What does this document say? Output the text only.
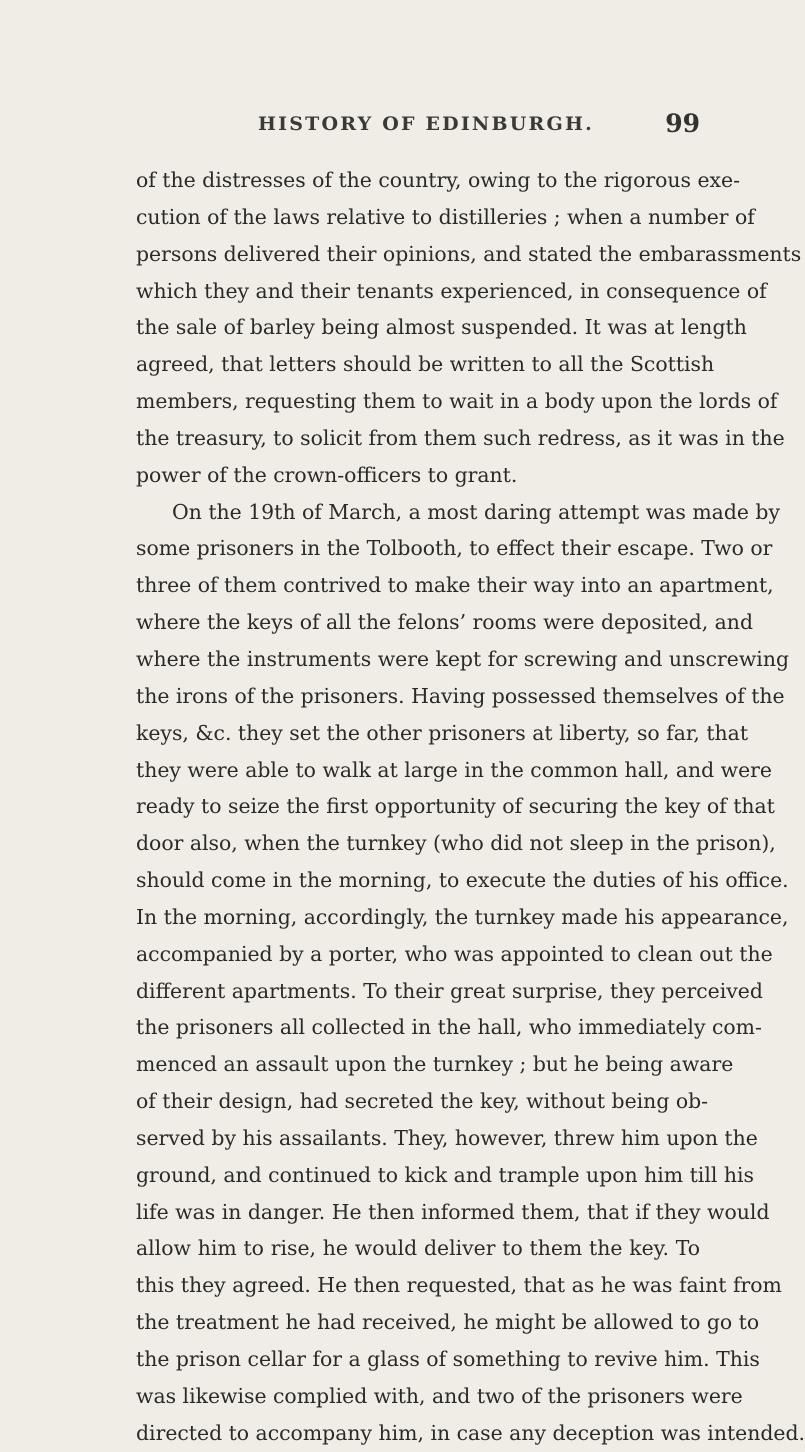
HISTORY OF EDINBURGH.	99
of the distresses of the country, owing to the rigorous exe-
cution of the laws relative to distilleries ; when a number of
persons delivered their opinions, and stated the embarassments
which they and their tenants experienced, in consequence of
the sale of barley being almost suspended. It was at length
agreed, that letters should be written to all the Scottish
members, requesting them to wait in a body upon the lords of
the treasury, to solicit from them such redress, as it was in the
power of the crown-officers to grant.
On the 19th of March, a most daring attempt was made by
some prisoners in the Tolbooth, to effect their escape. Two or
three of them contrived to make their way into an apartment,
where the keys of all the felons’ rooms were deposited, and
where the instruments were kept for screwing and unscrewing
the irons of the prisoners. Having possessed themselves of the
keys, &c. they set the other prisoners at liberty, so far, that
they were able to walk at large in the common hall, and were
ready to seize the first opportunity of securing the key of that
door also, when the turnkey (who did not sleep in the prison),
should come in the morning, to execute the duties of his office.
In the morning, accordingly, the turnkey made his appearance,
accompanied by a porter, who was appointed to clean out the
different apartments. To their great surprise, they perceived
the prisoners all collected in the hall, who immediately com-
menced an assault upon the turnkey ; but he being aware
of their design, had secreted the key, without being ob-
served by his assailants. They, however, threw him upon the
ground, and continued to kick and trample upon him till his
life was in danger. He then informed them, that if they would
allow him to rise, he would deliver to them the key. To
this they agreed. He then requested, that as he was faint from
the treatment he had received, he might be allowed to go to
the prison cellar for a glass of something to revive him. This
was likewise complied with, and two of the prisoners were
directed to accompany him, in case any deception was intended.
